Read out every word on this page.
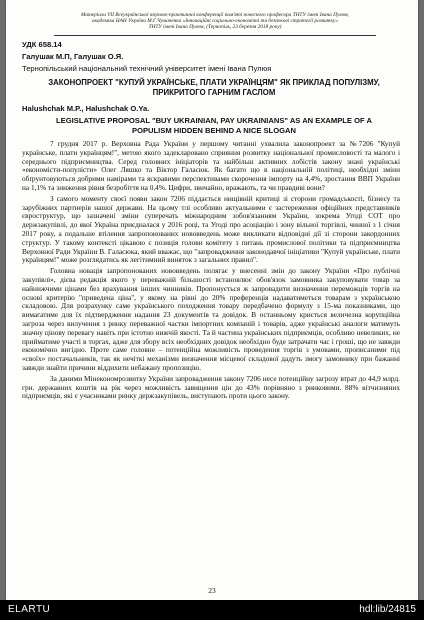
Матеріали VII Всеукраїнської науково-практичної конференції пам'яті почесного професора ТНТУ імені Івана Пулюя,
академіка НАН України М.Г.Чумаченка «Інноваційні соціально-економічні та безпекові стратегії розвитку»
ТНТУ імені Івана Пулюя, (Тернопіль, 23 березня 2018 року)
УДК 658.14
Галушак М.П, Галушак О.Я.
Тернопільський національний технічний університет імені Івана Пулюя
ЗАКОНОПРОЕКТ "КУПУЙ УКРАЇНСЬКЕ, ПЛАТИ УКРАЇНЦЯМ" ЯК ПРИКЛАД ПОПУЛІЗМУ, ПРИКРИТОГО ГАРНИМ ГАСЛОМ
Halushchak M.P., Halushchak O.Ya.
LEGISLATIVE PROPOSAL "BUY UKRAINIAN, PAY UKRAINIANS" AS AN EXAMPLE OF A POPULISM HIDDEN BEHIND A NICE SLOGAN

7 грудня 2017 р. Верховна Рада України у першому читанні ухвалила законопроект за №7206 "Купуй українське, плати українцям!", метою якого задекларовано сприяння розвитку національної промисловості та малого і середнього підприємництва. Серед головних ініціаторів та найбільш активних лобістів закону знані українські «економісти-популісти» Олег Ляшко та Віктор Галасюк. Як багато що в національній політиці, необхідні зміни обґрунтовуються добрими намірами та яскравими перспективами скорочення імпорту на 4,4%, зростання ВВП України на 1,1% та зниження рівня безробіття на 0,4%. Цифри, звичайно, вражають, та чи правдиві вони?

З самого моменту своєї появи закон 7206 піддається нищівній критиці зі сторони громадськості, бізнесу та зарубіжних партнерів нашої держави. На цьому тлі особливо актуальними є застереження офіційних представників євроструктур, що зазначені зміни суперечать міжнародним зобов'язанням України, зокрема Угоді СОТ про держзакупівлі, до якої Україна приєдналася у 2016 році, та Угоді про асоціацію і зону вільної торгівлі, чинної з 1 січня 2017 року, а подальше втілення запропонованих нововведень може викликати відповідні дії зі сторони закордонних структур. У такому контексті цікавою є позиція голови комітету з питань промислової політики та підприємництва Верховної Ради України В. Галасюка, який вважає, що "запровадження законодавчої ініціативи "Купуй українське, плати українцям!" може розглядатись як легітимний виняток з загальних правил".

Головна новація запропонованих нововведень полягає у внесенні змін до закону України «Про публічні закупівлі», дієва редакція якого у переважній більшості встановлює обов'язок замовника закуповувати товар за найнижчими цінами без врахування інших чинників. Пропонується ж запровадити визначення переможців торгів на основі критерію "приведена ціна", у якому на рівні до 20% преференція надаватиметься товарам з українською складовою. Для розрахунку саме українського походження товару передбачено формулу з 15-ма показниками, що вимагатиме для їх підтвердження надання 23 документів та довідок. В останньому криється величезна корупційна загроза через вилучення з ринку переважної частки імпортних компаній і товарів, адже українські аналоги матимуть значну цінову перевагу навіть при істотно нижчій якості. Та й частина українських підприємців, особливо невеликих, не прийматиме участі в торгах, адже для збору всіх необхідних довідок необхідно буде затрачати час і гроші, що не завжди економічно вигідно. Проте саме головне – потенційна можливість проведення торгів з умовами, прописаними під «своїх» постачальників, так як нечіткі механізми визначення місцевої складової дадуть змогу замовнику при бажанні завжди знайти причини віддихити небажану пропозицію.

За даними Мінекономрозвитку України запровадження закону 7206 несе потенційну загрозу втрат до 44,9 млрд. грн. державних коштів на рік через можливість завищення цін до 43% порівняно з ринковими. 88% вітчизняних підприємців, які є учасниками ринку держзакупівель, виступають проти цього закону.

23
ELARTU	hdl:lib/24815
